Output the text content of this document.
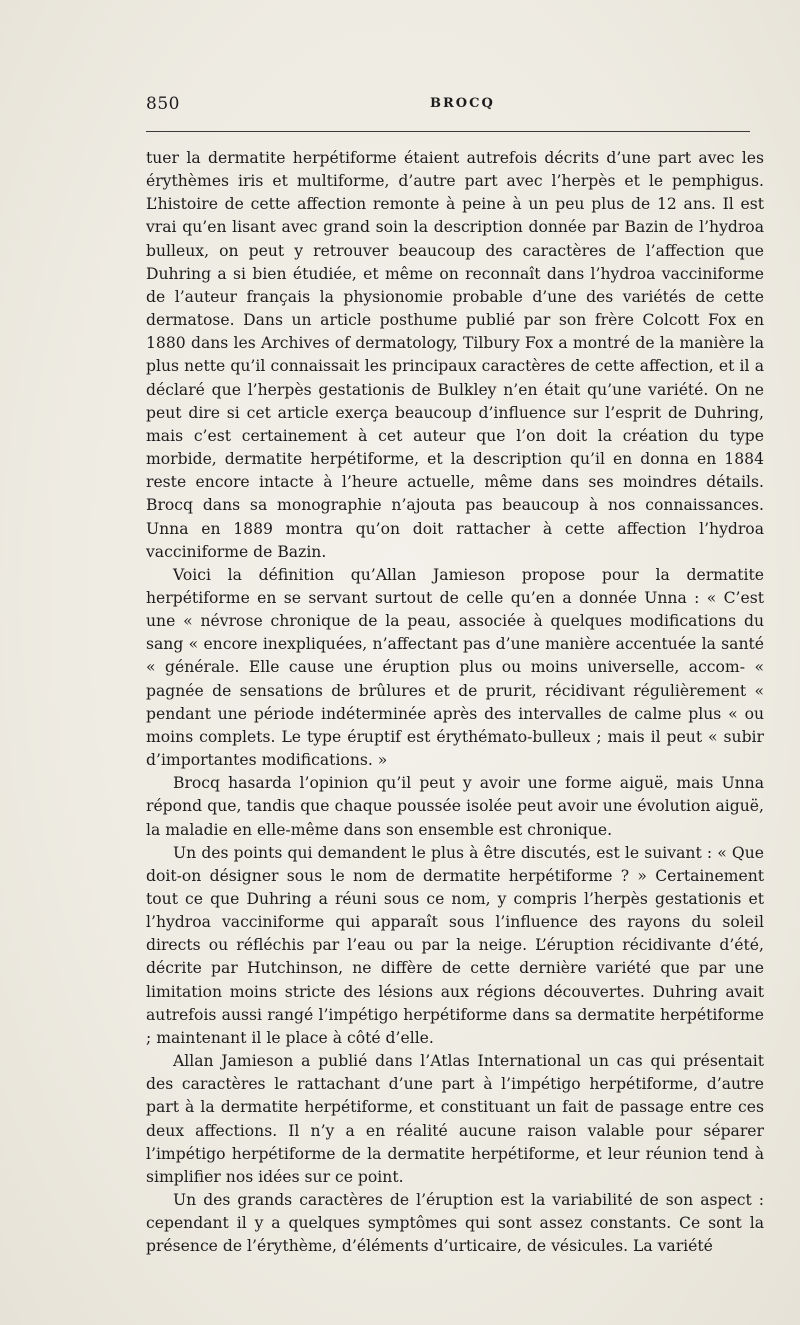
850	BROCQ

tuer la dermatite herpétiforme étaient autrefois décrits d’une part avec les érythèmes iris et multiforme, d’autre part avec l’herpès et le pemphigus. L’histoire de cette affection remonte à peine à un peu plus de 12 ans. Il est vrai qu’en lisant avec grand soin la description donnée par Bazin de l’hydroa bulleux, on peut y retrouver beaucoup des caractères de l’affection que Duhring a si bien étudiée, et même on reconnaît dans l’hydroa vacciniforme de l’auteur français la physionomie probable d’une des variétés de cette dermatose. Dans un article posthume publié par son frère Colcott Fox en 1880 dans les Archives of dermatology, Tilbury Fox a montré de la manière la plus nette qu’il connaissait les principaux caractères de cette affection, et il a déclaré que l’herpès gestationis de Bulkley n’en était qu’une variété. On ne peut dire si cet article exerça beaucoup d’influence sur l’esprit de Duhring, mais c’est certainement à cet auteur que l’on doit la création du type morbide, dermatite herpétiforme, et la description qu’il en donna en 1884 reste encore intacte à l’heure actuelle, même dans ses moindres détails. Brocq dans sa monographie n’ajouta pas beaucoup à nos connaissances. Unna en 1889 montra qu’on doit rattacher à cette affection l’hydroa vacciniforme de Bazin.

Voici la définition qu’Allan Jamieson propose pour la dermatite herpétiforme en se servant surtout de celle qu’en a donnée Unna : « C’est une « névrose chronique de la peau, associée à quelques modifications du sang « encore inexpliquées, n’affectant pas d’une manière accentuée la santé « générale. Elle cause une éruption plus ou moins universelle, accom- « pagnée de sensations de brûlures et de prurit, récidivant régulièrement « pendant une période indéterminée après des intervalles de calme plus « ou moins complets. Le type éruptif est érythémato-bulleux ; mais il peut « subir d’importantes modifications. »

Brocq hasarda l’opinion qu’il peut y avoir une forme aiguë, mais Unna répond que, tandis que chaque poussée isolée peut avoir une évolution aiguë, la maladie en elle-même dans son ensemble est chronique.

Un des points qui demandent le plus à être discutés, est le suivant : « Que doit-on désigner sous le nom de dermatite herpétiforme ? » Certainement tout ce que Duhring a réuni sous ce nom, y compris l’herpès gestationis et l’hydroa vacciniforme qui apparaît sous l’influence des rayons du soleil directs ou réfléchis par l’eau ou par la neige. L’éruption récidivante d’été, décrite par Hutchinson, ne diffère de cette dernière variété que par une limitation moins stricte des lésions aux régions découvertes. Duhring avait autrefois aussi rangé l’impétigo herpétiforme dans sa dermatite herpétiforme ; maintenant il le place à côté d’elle.

Allan Jamieson a publié dans l’Atlas International un cas qui présentait des caractères le rattachant d’une part à l’impétigo herpétiforme, d’autre part à la dermatite herpétiforme, et constituant un fait de passage entre ces deux affections. Il n’y a en réalité aucune raison valable pour séparer l’impétigo herpétiforme de la dermatite herpétiforme, et leur réunion tend à simplifier nos idées sur ce point.

Un des grands caractères de l’éruption est la variabilité de son aspect : cependant il y a quelques symptômes qui sont assez constants. Ce sont la présence de l’érythème, d’éléments d’urticaire, de vésicules. La variété
